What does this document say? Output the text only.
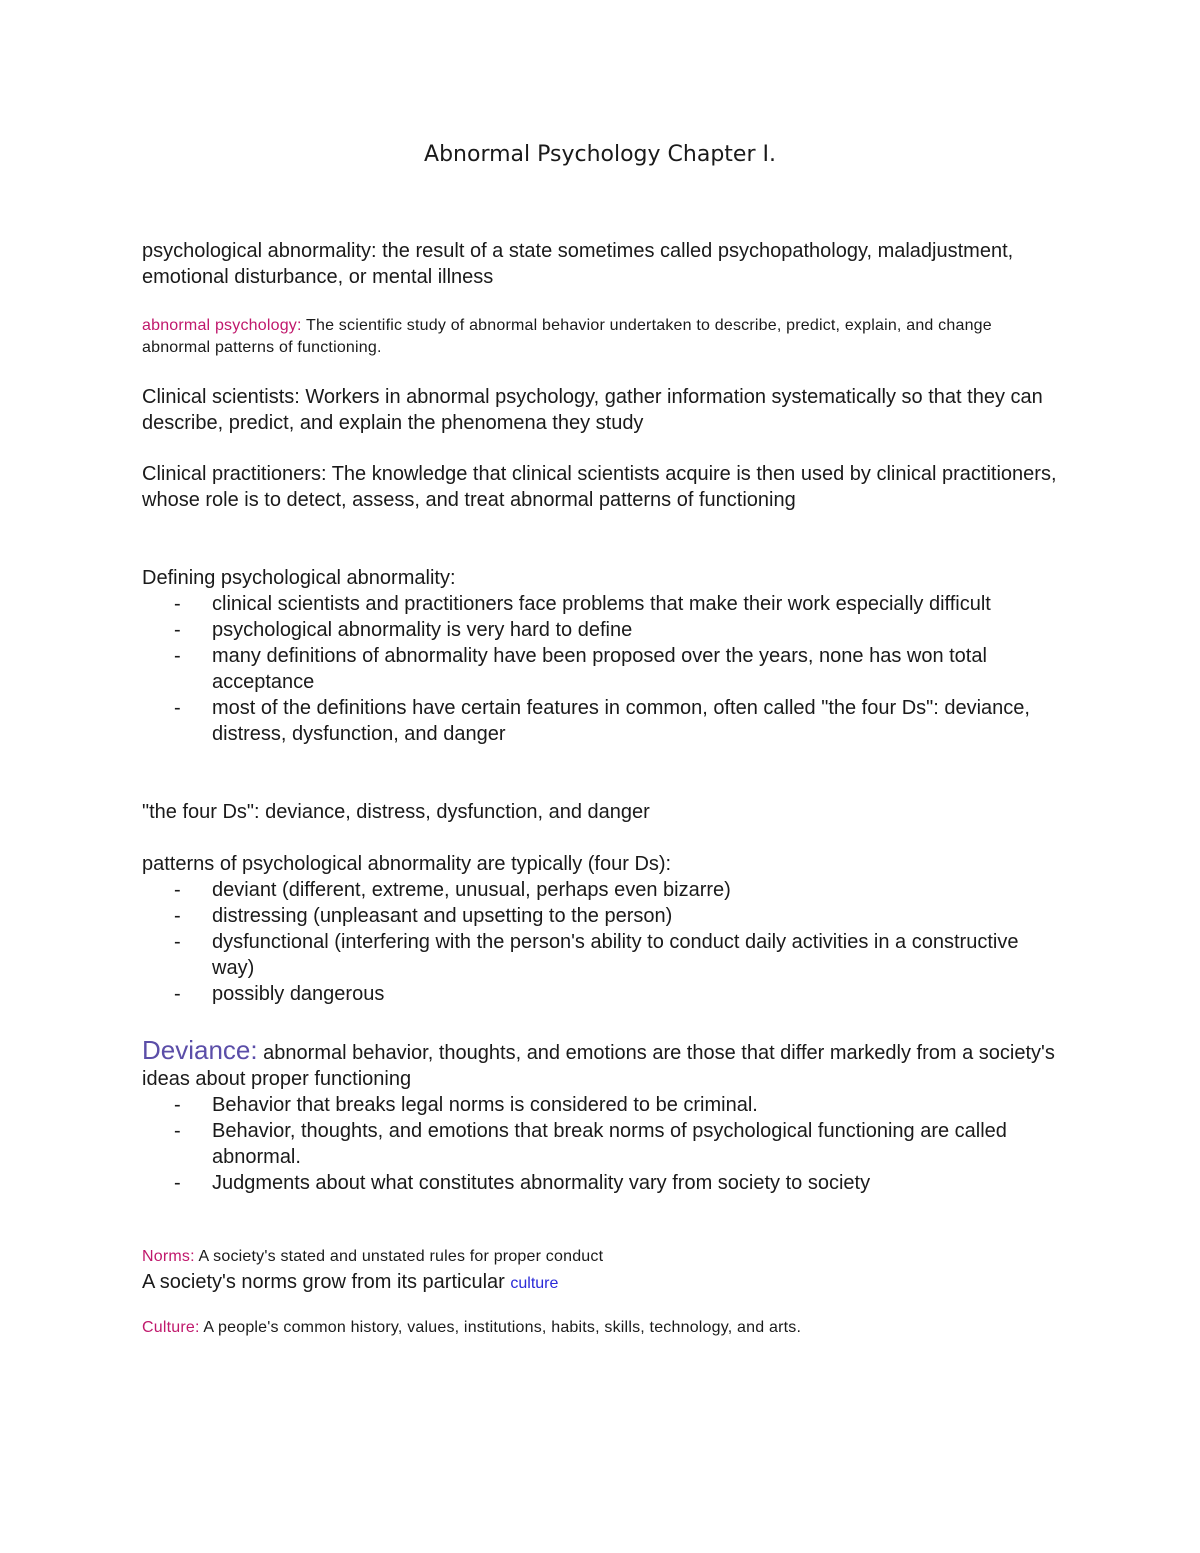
Abnormal Psychology Chapter I.

psychological abnormality: the result of a state sometimes called psychopathology, maladjustment, emotional disturbance, or mental illness

abnormal psychology: The scientific study of abnormal behavior undertaken to describe, predict, explain, and change abnormal patterns of functioning.

Clinical scientists: Workers in abnormal psychology, gather information systematically so that they can describe, predict, and explain the phenomena they study

Clinical practitioners: The knowledge that clinical scientists acquire is then used by clinical practitioners, whose role is to detect, assess, and treat abnormal patterns of functioning

Defining psychological abnormality:

- clinical scientists and practitioners face problems that make their work especially difficult
- psychological abnormality is very hard to define
- many definitions of abnormality have been proposed over the years, none has won total acceptance
- most of the definitions have certain features in common, often called "the four Ds": deviance, distress, dysfunction, and danger

"the four Ds": deviance, distress, dysfunction, and danger

patterns of psychological abnormality are typically (four Ds):

- deviant (different, extreme, unusual, perhaps even bizarre)
- distressing (unpleasant and upsetting to the person)
- dysfunctional (interfering with the person's ability to conduct daily activities in a constructive way)
- possibly dangerous

Deviance: abnormal behavior, thoughts, and emotions are those that differ markedly from a society's ideas about proper functioning

- Behavior that breaks legal norms is considered to be criminal.
- Behavior, thoughts, and emotions that break norms of psychological functioning are called abnormal.
- Judgments about what constitutes abnormality vary from society to society

Norms: A society's stated and unstated rules for proper conduct

A society's norms grow from its particular culture

Culture: A people's common history, values, institutions, habits, skills, technology, and arts.
